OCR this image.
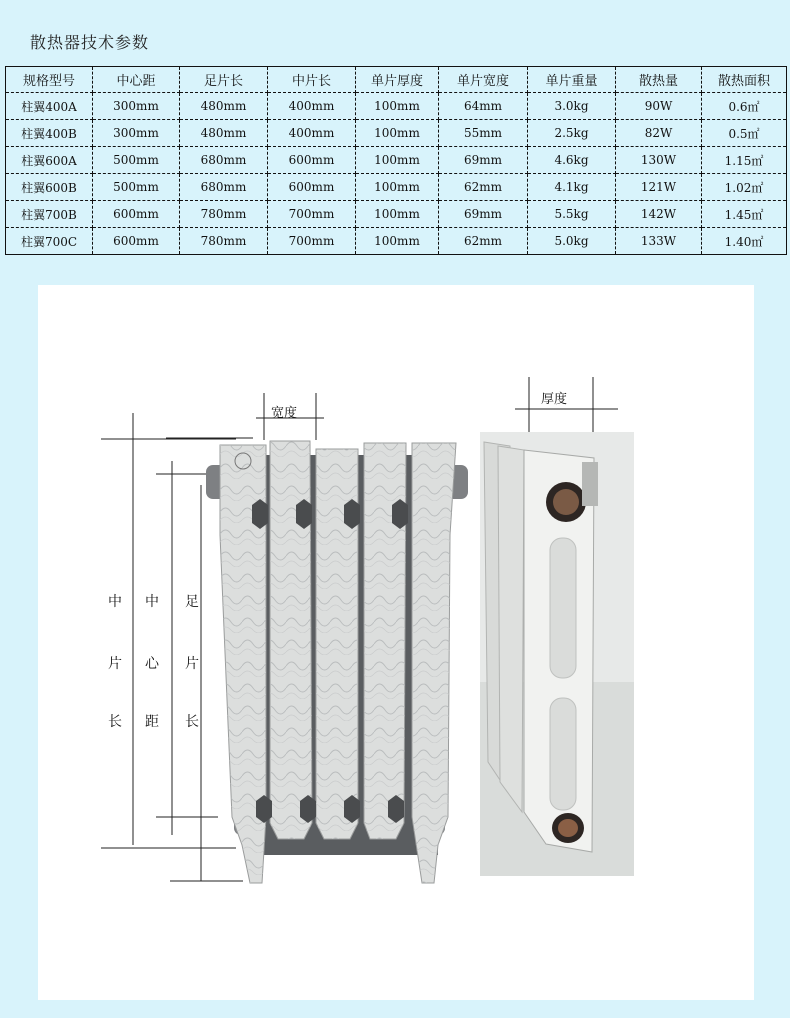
散热器技术参数
规格型号	中心距	足片长	中片长	单片厚度	单片宽度	单片重量	散热量	散热面积
柱翼400A	300mm	480mm	400mm	100mm	64mm	3.0kg	90W	0.6㎡
柱翼400B	300mm	480mm	400mm	100mm	55mm	2.5kg	82W	0.5㎡
柱翼600A	500mm	680mm	600mm	100mm	69mm	4.6kg	130W	1.15㎡
柱翼600B	500mm	680mm	600mm	100mm	62mm	4.1kg	121W	1.02㎡
柱翼700B	600mm	780mm	700mm	100mm	69mm	5.5kg	142W	1.45㎡
柱翼700C	600mm	780mm	700mm	100mm	62mm	5.0kg	133W	1.40㎡
宽度
厚度
中
片
长
中
心
距
足
片
长
